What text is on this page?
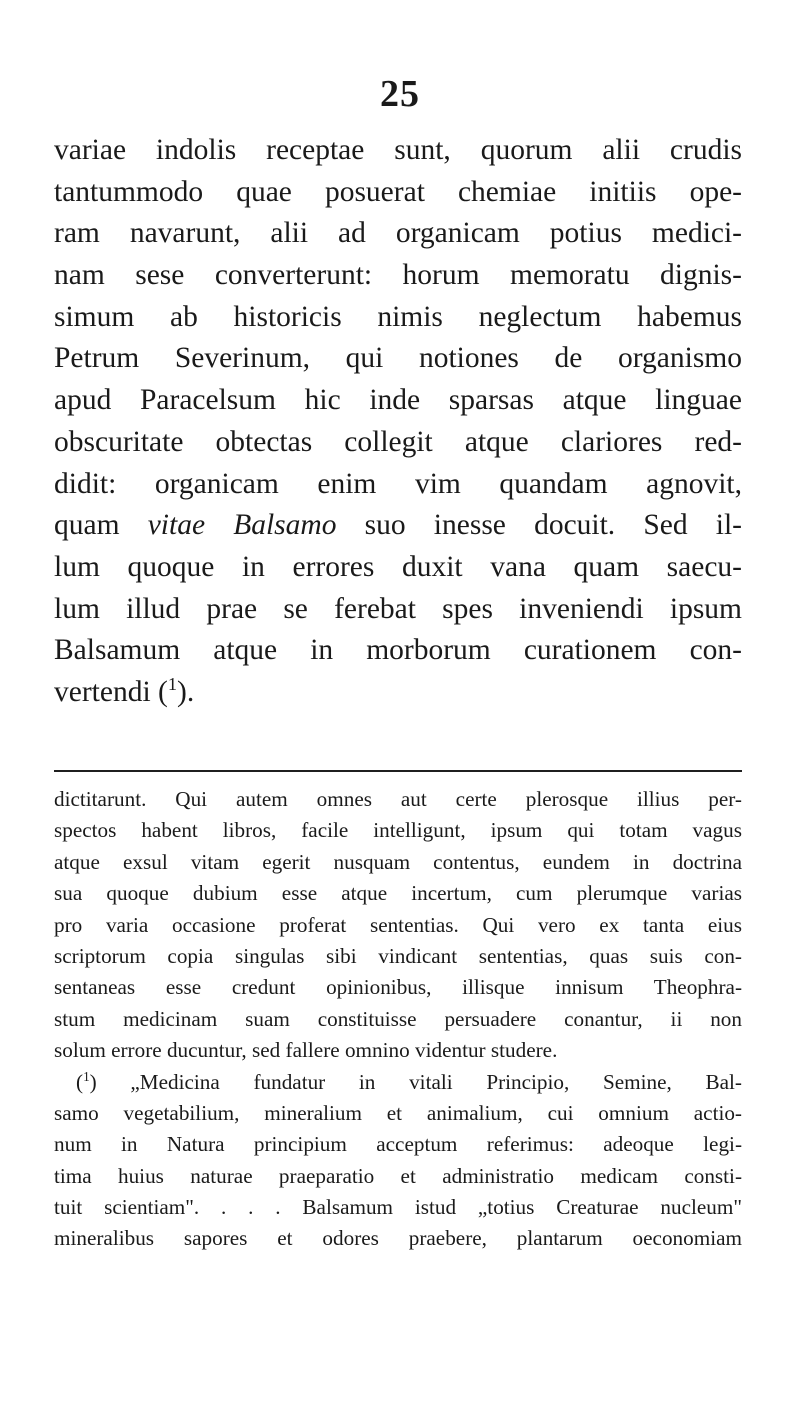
25
variae indolis receptae sunt, quorum alii crudis
tantummodo quae posuerat chemiae initiis ope-
ram navarunt, alii ad organicam potius medici-
nam sese converterunt: horum memoratu dignis-
simum ab historicis nimis neglectum habemus
Petrum Severinum, qui notiones de organismo
apud Paracelsum hic inde sparsas atque linguae
obscuritate obtectas collegit atque clariores red-
didit: organicam enim vim quandam agnovit,
quam vitae Balsamo suo inesse docuit. Sed il-
lum quoque in errores duxit vana quam saecu-
lum illud prae se ferebat spes inveniendi ipsum
Balsamum atque in morborum curationem con-
vertendi ($^1$).
dictitarunt. Qui autem omnes aut certe plerosque illius per-
spectos habent libros, facile intelligunt, ipsum qui totam vagus
atque exsul vitam egerit nusquam contentus, eundem in doctrina
sua quoque dubium esse atque incertum, cum plerumque varias
pro varia occasione proferat sententias. Qui vero ex tanta eius
scriptorum copia singulas sibi vindicant sententias, quas suis con-
sentaneas esse credunt opinionibus, illisque innisum Theophra-
stum medicinam suam constituisse persuadere conantur, ii non
solum errore ducuntur, sed fallere omnino videntur studere.
($^1$) „Medicina fundatur in vitali Principio, Semine, Bal-
samo vegetabilium, mineralium et animalium, cui omnium actio-
num in Natura principium acceptum referimus: adeoque legi-
tima huius naturae praeparatio et administratio medicam consti-
tuit scientiam". . . . Balsamum istud „totius Creaturae nucleum"
mineralibus sapores et odores praebere, plantarum oeconomiam
